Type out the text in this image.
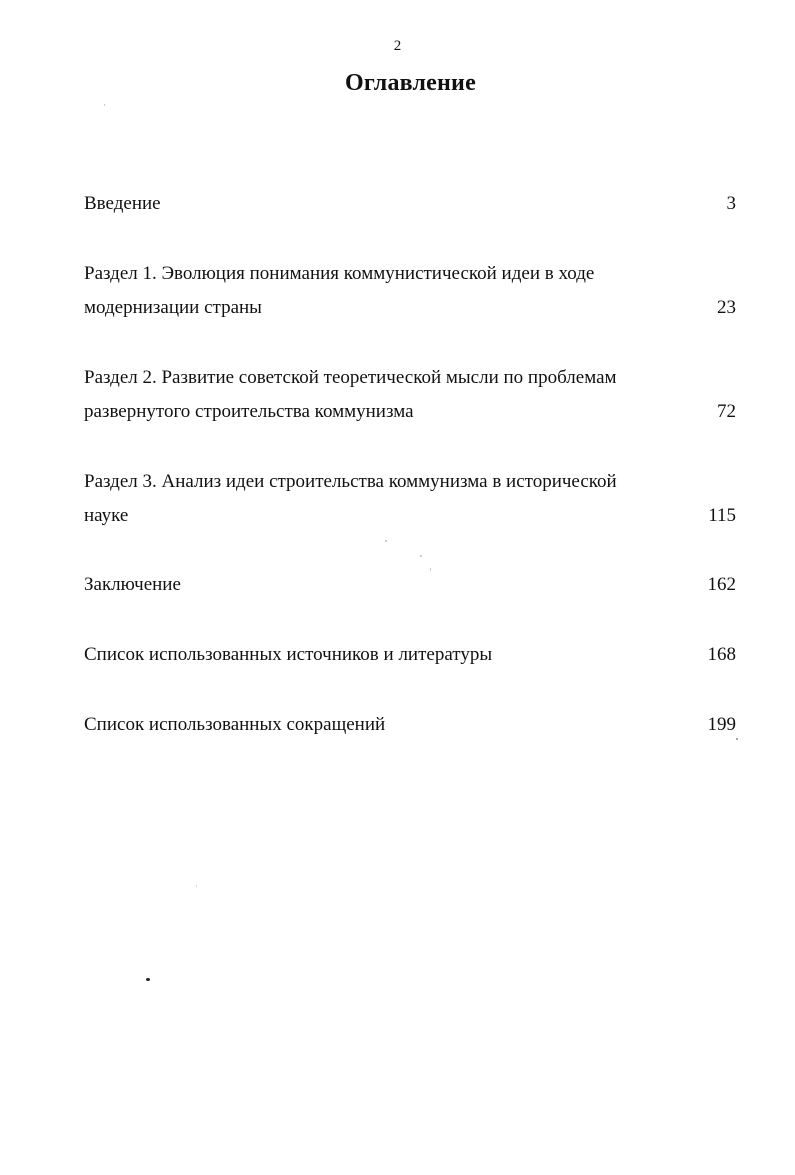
2
Оглавление
Введение	3
Раздел 1. Эволюция понимания коммунистической идеи в ходе
модернизации страны	23
Раздел 2. Развитие советской теоретической мысли по проблемам
развернутого строительства коммунизма	72
Раздел 3. Анализ идеи строительства коммунизма в исторической
науке	115
Заключение	162
Список использованных источников и литературы	168
Список использованных сокращений	199
